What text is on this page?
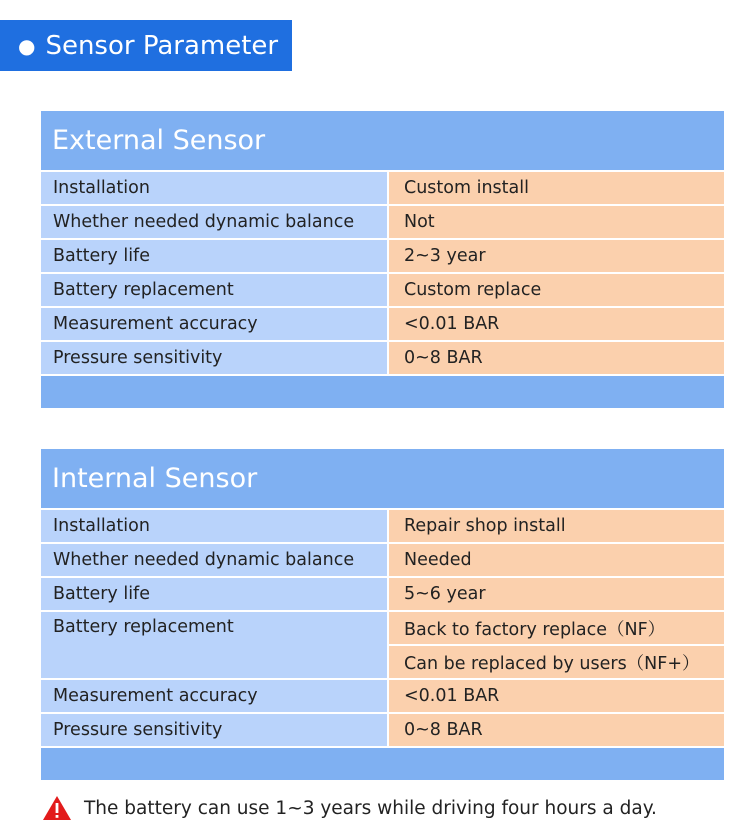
● Sensor Parameter
External Sensor
Installation	Custom install
Whether needed dynamic balance	Not
Battery life	2~3 year
Battery replacement	Custom replace
Measurement accuracy	<0.01 BAR
Pressure sensitivity	0~8 BAR
Internal Sensor
Installation	Repair shop install
Whether needed dynamic balance	Needed
Battery life	5~6 year
Battery replacement	Back to factory replace（NF）
Can be replaced by users（NF+）
Measurement accuracy	<0.01 BAR
Pressure sensitivity	0~8 BAR
The battery can use 1~3 years while driving four hours a day.
